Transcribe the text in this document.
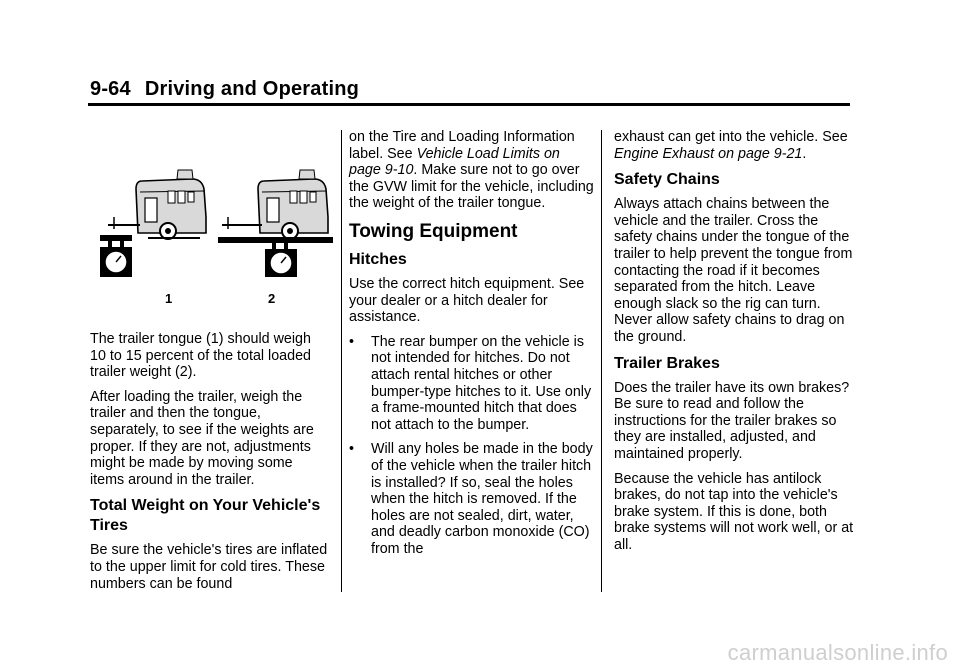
9-64 Driving and Operating
1	2

The trailer tongue (1) should weigh 10 to 15 percent of the total loaded trailer weight (2).

After loading the trailer, weigh the trailer and then the tongue, separately, to see if the weights are proper. If they are not, adjustments might be made by moving some items around in the trailer.

Total Weight on Your Vehicle's Tires

Be sure the vehicle's tires are inflated to the upper limit for cold tires. These numbers can be found

on the Tire and Loading Information label. See Vehicle Load Limits on page 9-10. Make sure not to go over the GVW limit for the vehicle, including the weight of the trailer tongue.

Towing Equipment
Hitches

Use the correct hitch equipment. See your dealer or a hitch dealer for assistance.

• The rear bumper on the vehicle is not intended for hitches. Do not attach rental hitches or other bumper-type hitches to it. Use only a frame-mounted hitch that does not attach to the bumper.
• Will any holes be made in the body of the vehicle when the trailer hitch is installed? If so, seal the holes when the hitch is removed. If the holes are not sealed, dirt, water, and deadly carbon monoxide (CO) from the

exhaust can get into the vehicle. See Engine Exhaust on page 9-21.

Safety Chains

Always attach chains between the vehicle and the trailer. Cross the safety chains under the tongue of the trailer to help prevent the tongue from contacting the road if it becomes separated from the hitch. Leave enough slack so the rig can turn. Never allow safety chains to drag on the ground.

Trailer Brakes

Does the trailer have its own brakes? Be sure to read and follow the instructions for the trailer brakes so they are installed, adjusted, and maintained properly.

Because the vehicle has antilock brakes, do not tap into the vehicle's brake system. If this is done, both brake systems will not work well, or at all.

carmanualsonline.info
